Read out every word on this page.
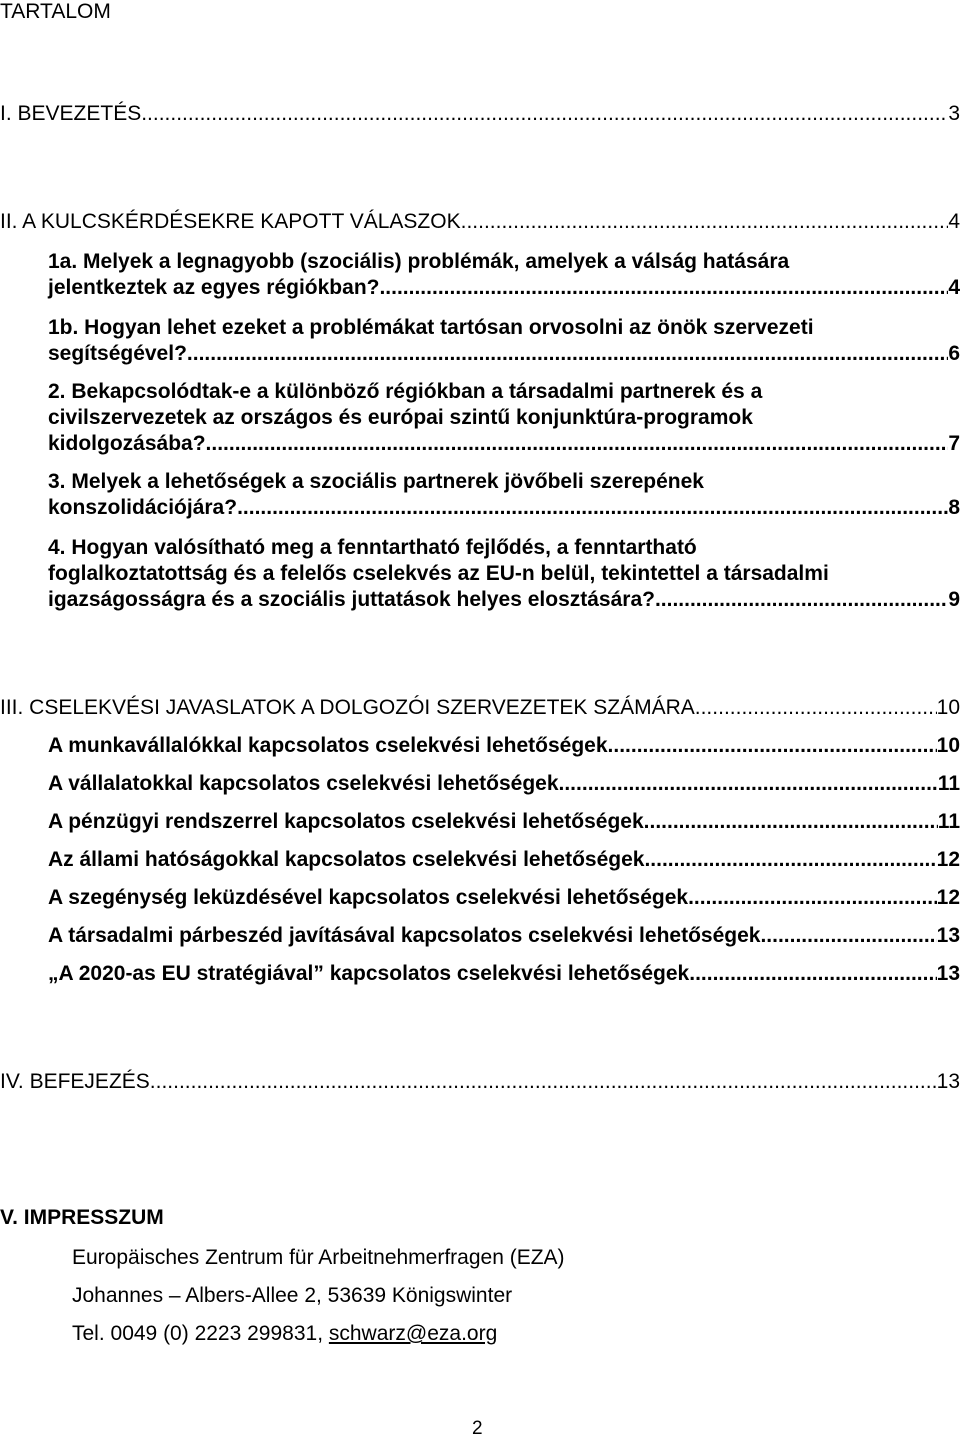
TARTALOM
I. BEVEZETÉS .....	3
II. A KULCSKÉRDÉSEKRE KAPOTT VÁLASZOK .....	4
1a. Melyek a legnagyobb (szociális) problémák, amelyek a válság hatására
jelentkeztek az egyes régiókban? .....	4
1b. Hogyan lehet ezeket a problémákat tartósan orvosolni az önök szervezeti
segítségével? .....	6
2. Bekapcsolódtak-e a különböző régiókban a társadalmi partnerek és a
civilszervezetek az országos és európai szintű konjunktúra-programok
kidolgozásába? .....	7
3. Melyek a lehetőségek a szociális partnerek jövőbeli szerepének
konszolidációjára? .....	8
4. Hogyan valósítható meg a fenntartható fejlődés, a fenntartható
foglalkoztatottság és a felelős cselekvés az EU-n belül, tekintettel a társadalmi
igazságosságra és a szociális juttatások helyes elosztására? .....	9
III. CSELEKVÉSI JAVASLATOK A DOLGOZÓI SZERVEZETEK SZÁMÁRA .....	10
A munkavállalókkal kapcsolatos cselekvési lehetőségek .....	10
A vállalatokkal kapcsolatos cselekvési lehetőségek .....	11
A pénzügyi rendszerrel kapcsolatos cselekvési lehetőségek .....	11
Az állami hatóságokkal kapcsolatos cselekvési lehetőségek .....	12
A szegénység leküzdésével kapcsolatos cselekvési lehetőségek .....	12
A társadalmi párbeszéd javításával kapcsolatos cselekvési lehetőségek .....	13
„A 2020-as EU stratégiával” kapcsolatos cselekvési lehetőségek .....	13
IV. BEFEJEZÉS .....	13
V. IMPRESSZUM
Europäisches Zentrum für Arbeitnehmerfragen (EZA)
Johannes – Albers-Allee 2, 53639 Königswinter
Tel. 0049 (0) 2223 299831, schwarz@eza.org
2
